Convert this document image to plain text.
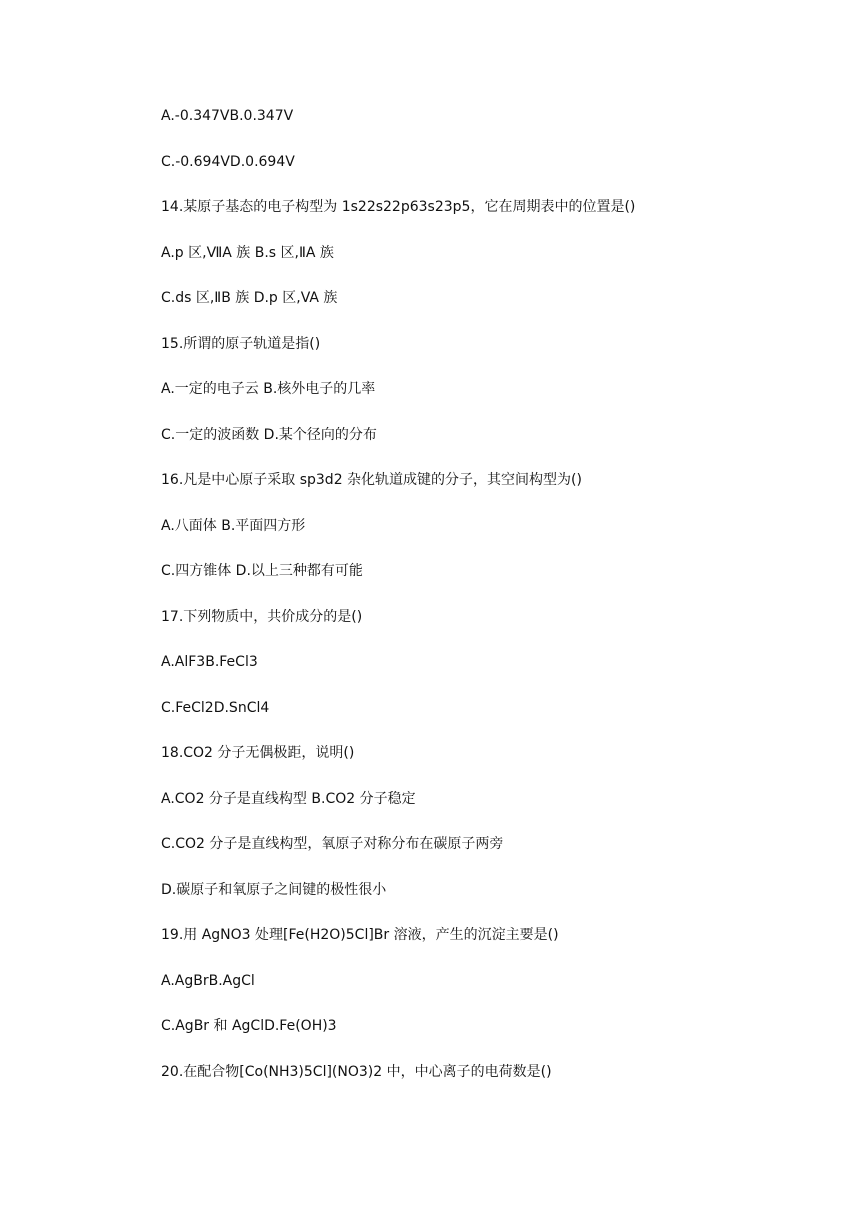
A.-0.347VB.0.347V
C.-0.694VD.0.694V
14.某原子基态的电子构型为 1s22s22p63s23p5，它在周期表中的位置是()
A.p 区,ⅦA 族 B.s 区,ⅡA 族
C.ds 区,ⅡB 族 D.p 区,VA 族
15.所谓的原子轨道是指()
A.一定的电子云 B.核外电子的几率
C.一定的波函数 D.某个径向的分布
16.凡是中心原子采取 sp3d2 杂化轨道成键的分子，其空间构型为()
A.八面体 B.平面四方形
C.四方锥体 D.以上三种都有可能
17.下列物质中，共价成分的是()
A.AlF3B.FeCl3
C.FeCl2D.SnCl4
18.CO2 分子无偶极距，说明()
A.CO2 分子是直线构型 B.CO2 分子稳定
C.CO2 分子是直线构型，氧原子对称分布在碳原子两旁
D.碳原子和氧原子之间键的极性很小
19.用 AgNO3 处理[Fe(H2O)5Cl]Br 溶液，产生的沉淀主要是()
A.AgBrB.AgCl
C.AgBr 和 AgClD.Fe(OH)3
20.在配合物[Co(NH3)5Cl](NO3)2 中，中心离子的电荷数是()
